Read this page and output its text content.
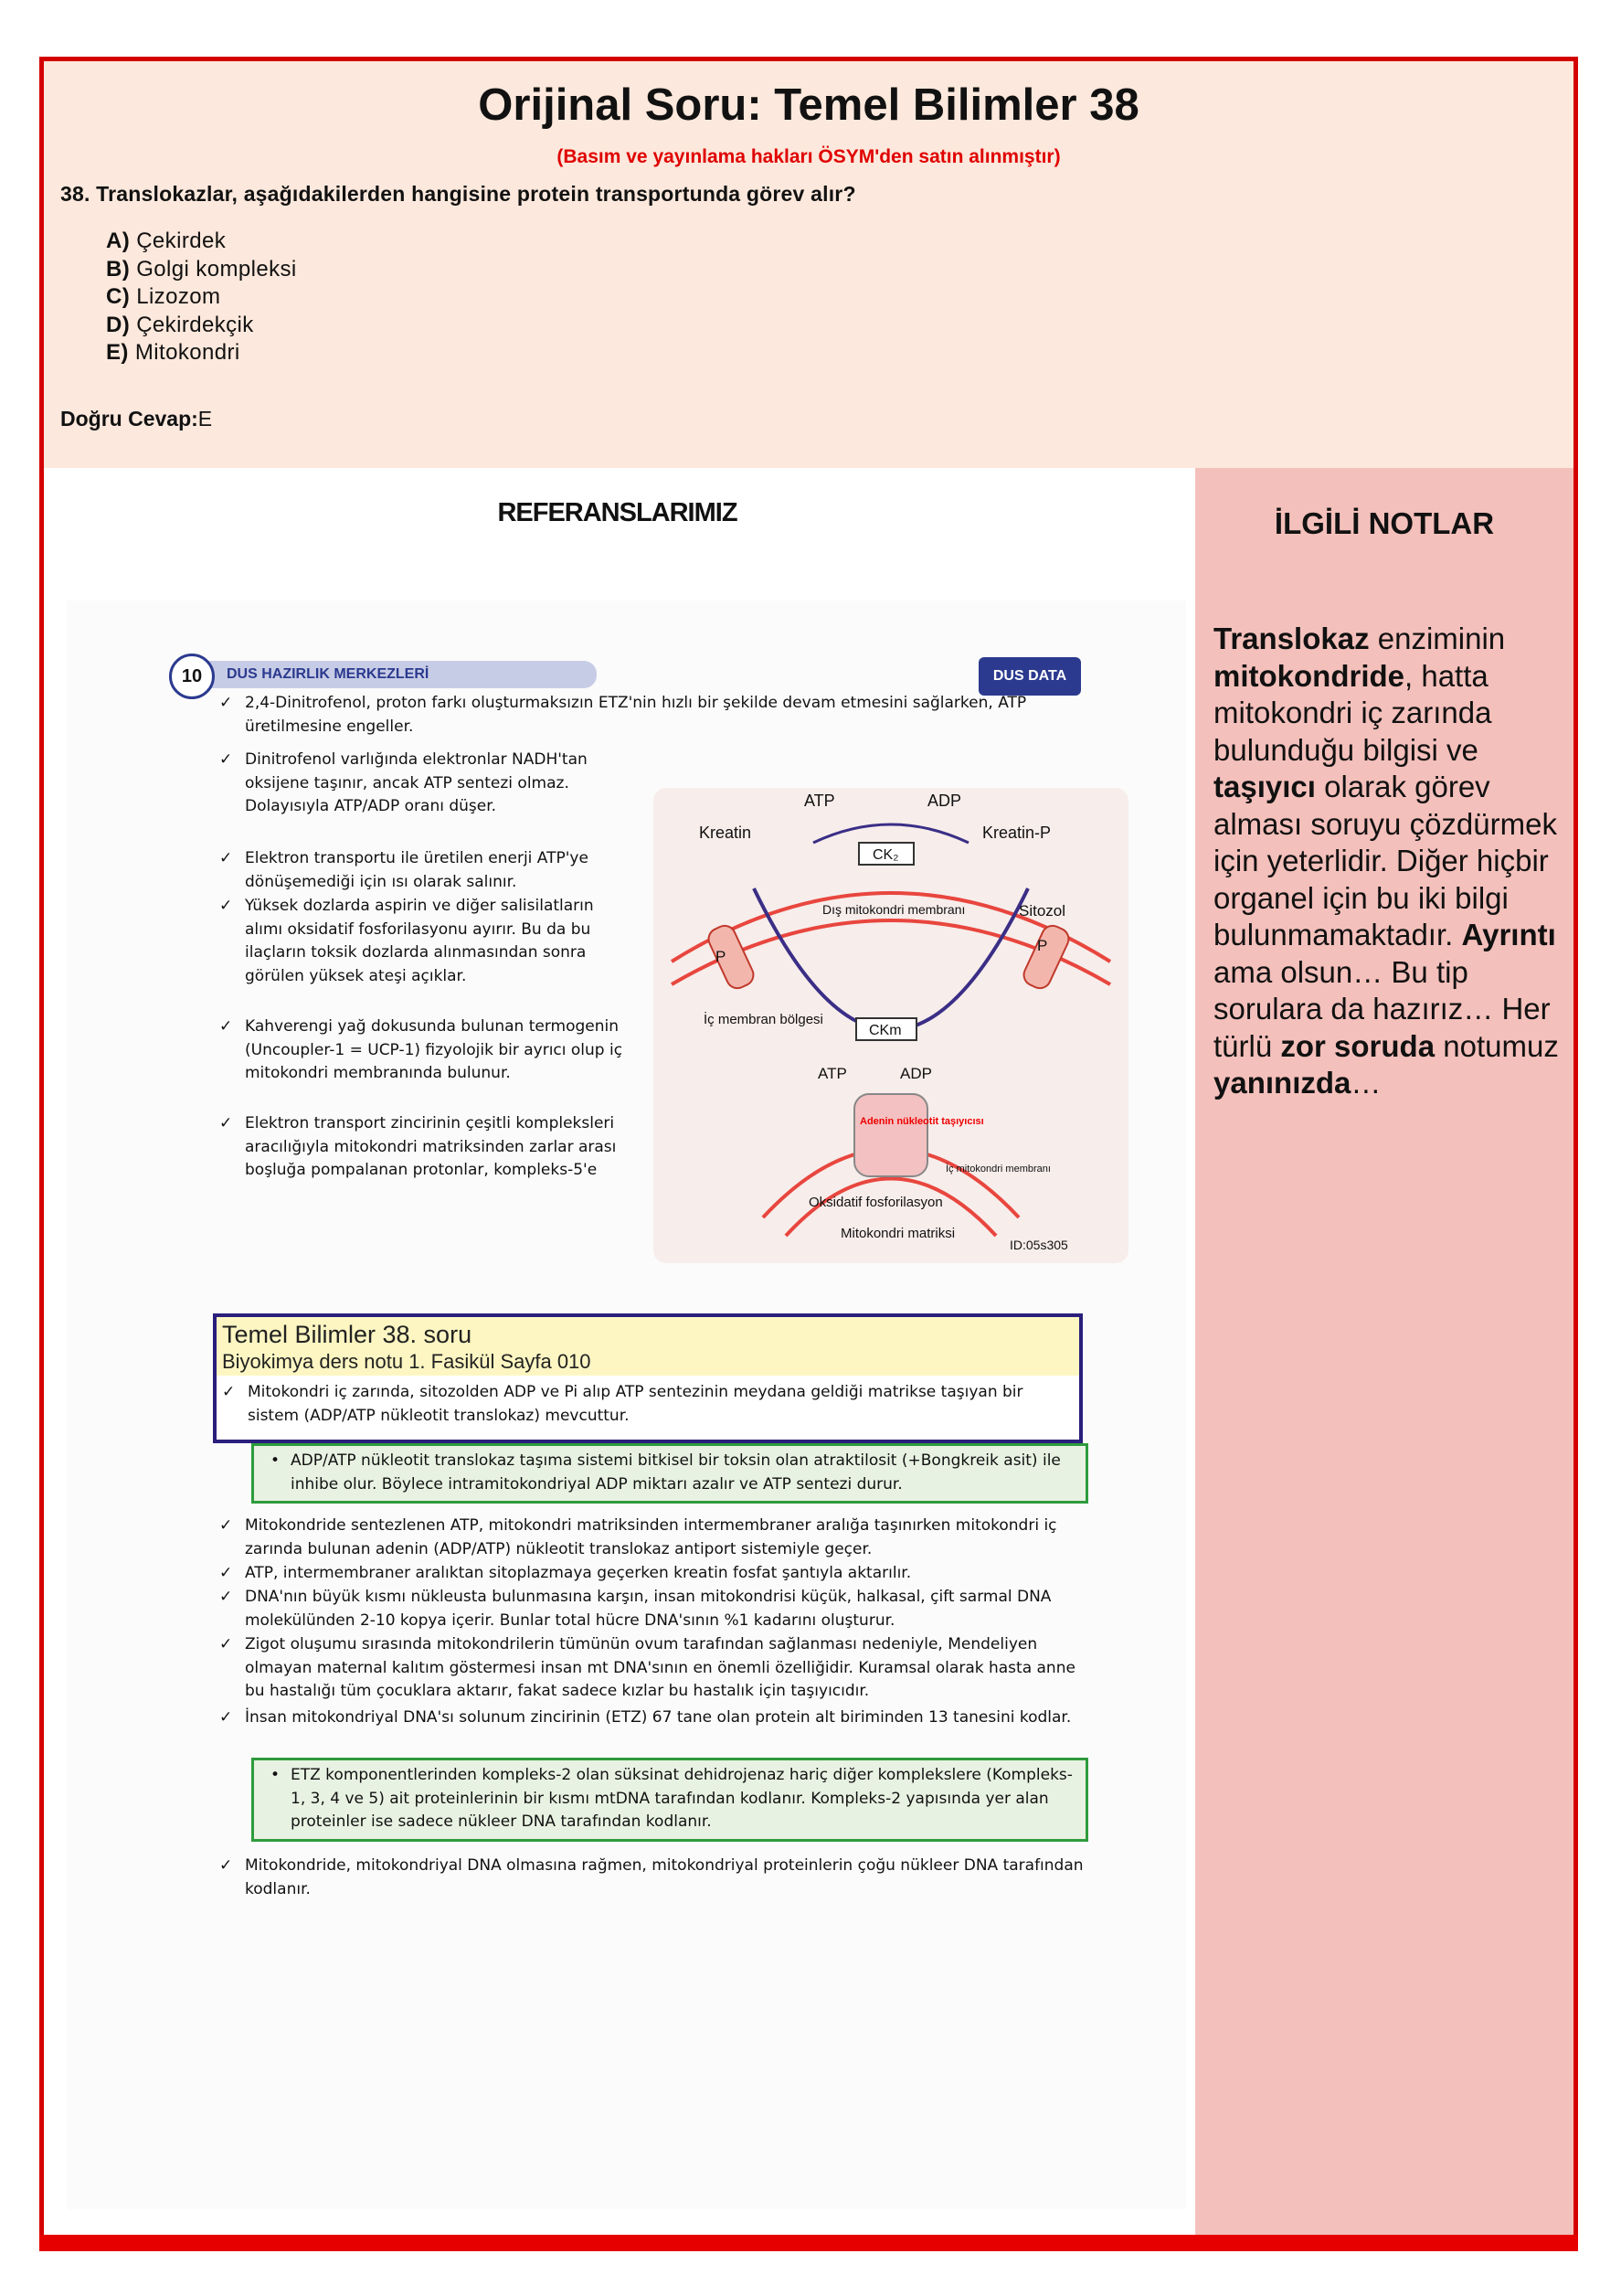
Orijinal Soru: Temel Bilimler 38
(Basım ve yayınlama hakları ÖSYM'den satın alınmıştır)
38. Translokazlar, aşağıdakilerden hangisine protein transportunda görev alır?
A) Çekirdek
B) Golgi kompleksi
C) Lizozom
D) Çekirdekçik
E) Mitokondri
Doğru Cevap:E
REFERANSLARIMIZ	İLGİLİ NOTLAR
Translokaz enziminin mitokondride, hatta mitokondri iç zarında bulunduğu bilgisi ve taşıyıcı olarak görev alması soruyu çözdürmek için yeterlidir. Diğer hiçbir organel için bu iki bilgi bulunmamaktadır. Ayrıntı ama olsun… Bu tip sorulara da hazırız… Her türlü zor soruda notumuz yanınızda…
10	DUS HAZIRLIK MERKEZLERİ	DUS DATA
✓ 2,4-Dinitrofenol, proton farkı oluşturmaksızın ETZ'nin hızlı bir şekilde devam etmesini sağlarken, ATP üretilmesine engeller.
✓ Dinitrofenol varlığında elektronlar NADH'tan oksijene taşınır, ancak ATP sentezi olmaz. Dolayısıyla ATP/ADP oranı düşer.
✓ Elektron transportu ile üretilen enerji ATP'ye dönüşemediği için ısı olarak salınır.
✓ Yüksek dozlarda aspirin ve diğer salisilatların alımı oksidatif fosforilasyonu ayırır. Bu da bu ilaçların toksik dozlarda alınmasından sonra görülen yüksek ateşi açıklar.
✓ Kahverengi yağ dokusunda bulunan termogenin (Uncoupler-1 = UCP-1) fizyolojik bir ayrıcı olup iç mitokondri membranında bulunur.
✓ Elektron transport zincirinin çeşitli kompleksleri aracılığıyla mitokondri matriksinden zarlar arası boşluğa pompalanan protonlar, kompleks-5'e
ATP	ADP
Kreatin	Kreatin-P
CK₂
Dış mitokondri membranı	Sitozol
P
P
CKm
İç membran bölgesi
ATP	ADP
Adenin nükleotit taşıyıcısı
İç mitokondri membranı
Oksidatif fosforilasyon
Mitokondri matriksi
ID:05s305
Temel Bilimler 38. soru
Biyokimya ders notu 1. Fasikül Sayfa 010
✓ Mitokondri iç zarında, sitozolden ADP ve Pi alıp ATP sentezinin meydana geldiği matrikse taşıyan bir sistem (ADP/ATP nükleotit translokaz) mevcuttur.
• ADP/ATP nükleotit translokaz taşıma sistemi bitkisel bir toksin olan atraktilosit (+Bongkreik asit) ile inhibe olur. Böylece intramitokondriyal ADP miktarı azalır ve ATP sentezi durur.
✓ Mitokondride sentezlenen ATP, mitokondri matriksinden intermembraner aralığa taşınırken mitokondri iç zarında bulunan adenin (ADP/ATP) nükleotit translokaz antiport sistemiyle geçer.
✓ ATP, intermembraner aralıktan sitoplazmaya geçerken kreatin fosfat şantıyla aktarılır.
✓ DNA'nın büyük kısmı nükleusta bulunmasına karşın, insan mitokondrisi küçük, halkasal, çift sarmal DNA molekülünden 2-10 kopya içerir. Bunlar total hücre DNA'sının %1 kadarını oluşturur.
✓ Zigot oluşumu sırasında mitokondrilerin tümünün ovum tarafından sağlanması nedeniyle, Mendeliyen olmayan maternal kalıtım göstermesi insan mt DNA'sının en önemli özelliğidir. Kuramsal olarak hasta anne bu hastalığı tüm çocuklara aktarır, fakat sadece kızlar bu hastalık için taşıyıcıdır.
✓ İnsan mitokondriyal DNA'sı solunum zincirinin (ETZ) 67 tane olan protein alt biriminden 13 tanesini kodlar.
• ETZ komponentlerinden kompleks-2 olan süksinat dehidrojenaz hariç diğer komplekslere (Kompleks- 1, 3, 4 ve 5) ait proteinlerinin bir kısmı mtDNA tarafından kodlanır. Kompleks-2 yapısında yer alan proteinler ise sadece nükleer DNA tarafından kodlanır.
✓ Mitokondride, mitokondriyal DNA olmasına rağmen, mitokondriyal proteinlerin çoğu nükleer DNA tarafından kodlanır.
